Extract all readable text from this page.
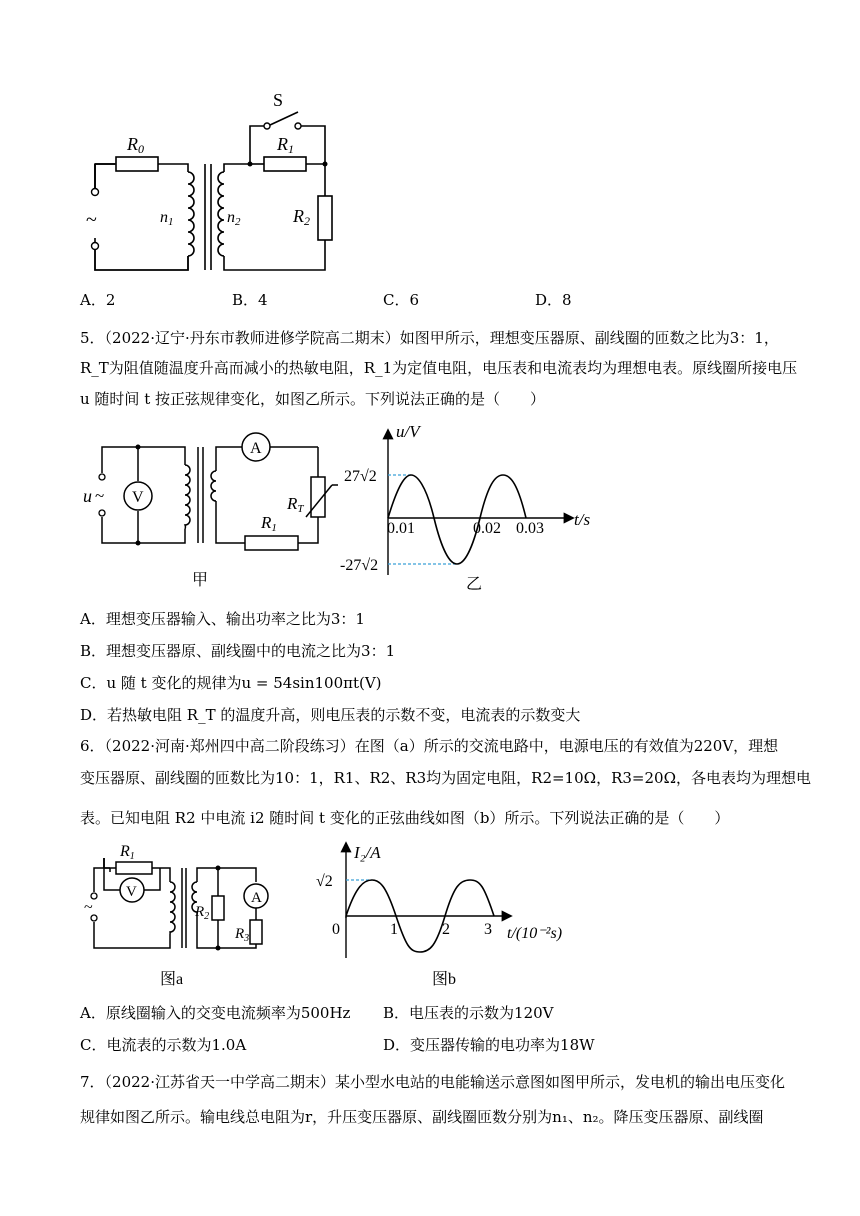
S
R0	R1
R2
n1	n2
~
A．2	B．4	C．6	D．8
5．（2022·辽宁·丹东市教师进修学院高二期末）如图甲所示，理想变压器原、副线圈的匝数之比为3：1，
R_T为阻值随温度升高而减小的热敏电阻，R_1为定值电阻，电压表和电流表均为理想电表。原线圈所接电压
u 随时间 t 按正弦规律变化，如图乙所示。下列说法正确的是（　　）
u ~ V
A
RT
R1
甲
u/V
t/s
27√2
-27√2
0.01	0.02 0.03
乙
A．理想变压器输入、输出功率之比为3：1
B．理想变压器原、副线圈中的电流之比为3：1
C．u 随 t 变化的规律为u = 54sin100πt(V)
D．若热敏电阻 R_T 的温度升高，则电压表的示数不变，电流表的示数变大
6．（2022·河南·郑州四中高二阶段练习）在图（a）所示的交流电路中，电源电压的有效值为220V，理想
变压器原、副线圈的匝数比为10：1，R1、R2、R3均为固定电阻，R2=10Ω，R3=20Ω，各电表均为理想电
表。已知电阻 R2 中电流 i2 随时间 t 变化的正弦曲线如图（b）所示。下列说法正确的是（　　）
R1
$R_2$
$R_3$
V	A
~
图a
I₂/A
t/(10⁻²s)
√2
0	1	2 3
图b
A．原线圈输入的交变电流频率为500Hz B．电压表的示数为120V
C．电流表的示数为1.0A	D．变压器传输的电功率为18W
7．（2022·江苏省天一中学高二期末）某小型水电站的电能输送示意图如图甲所示，发电机的输出电压变化
规律如图乙所示。输电线总电阻为r，升压变压器原、副线圈匝数分别为n₁、n₂。降压变压器原、副线圈
